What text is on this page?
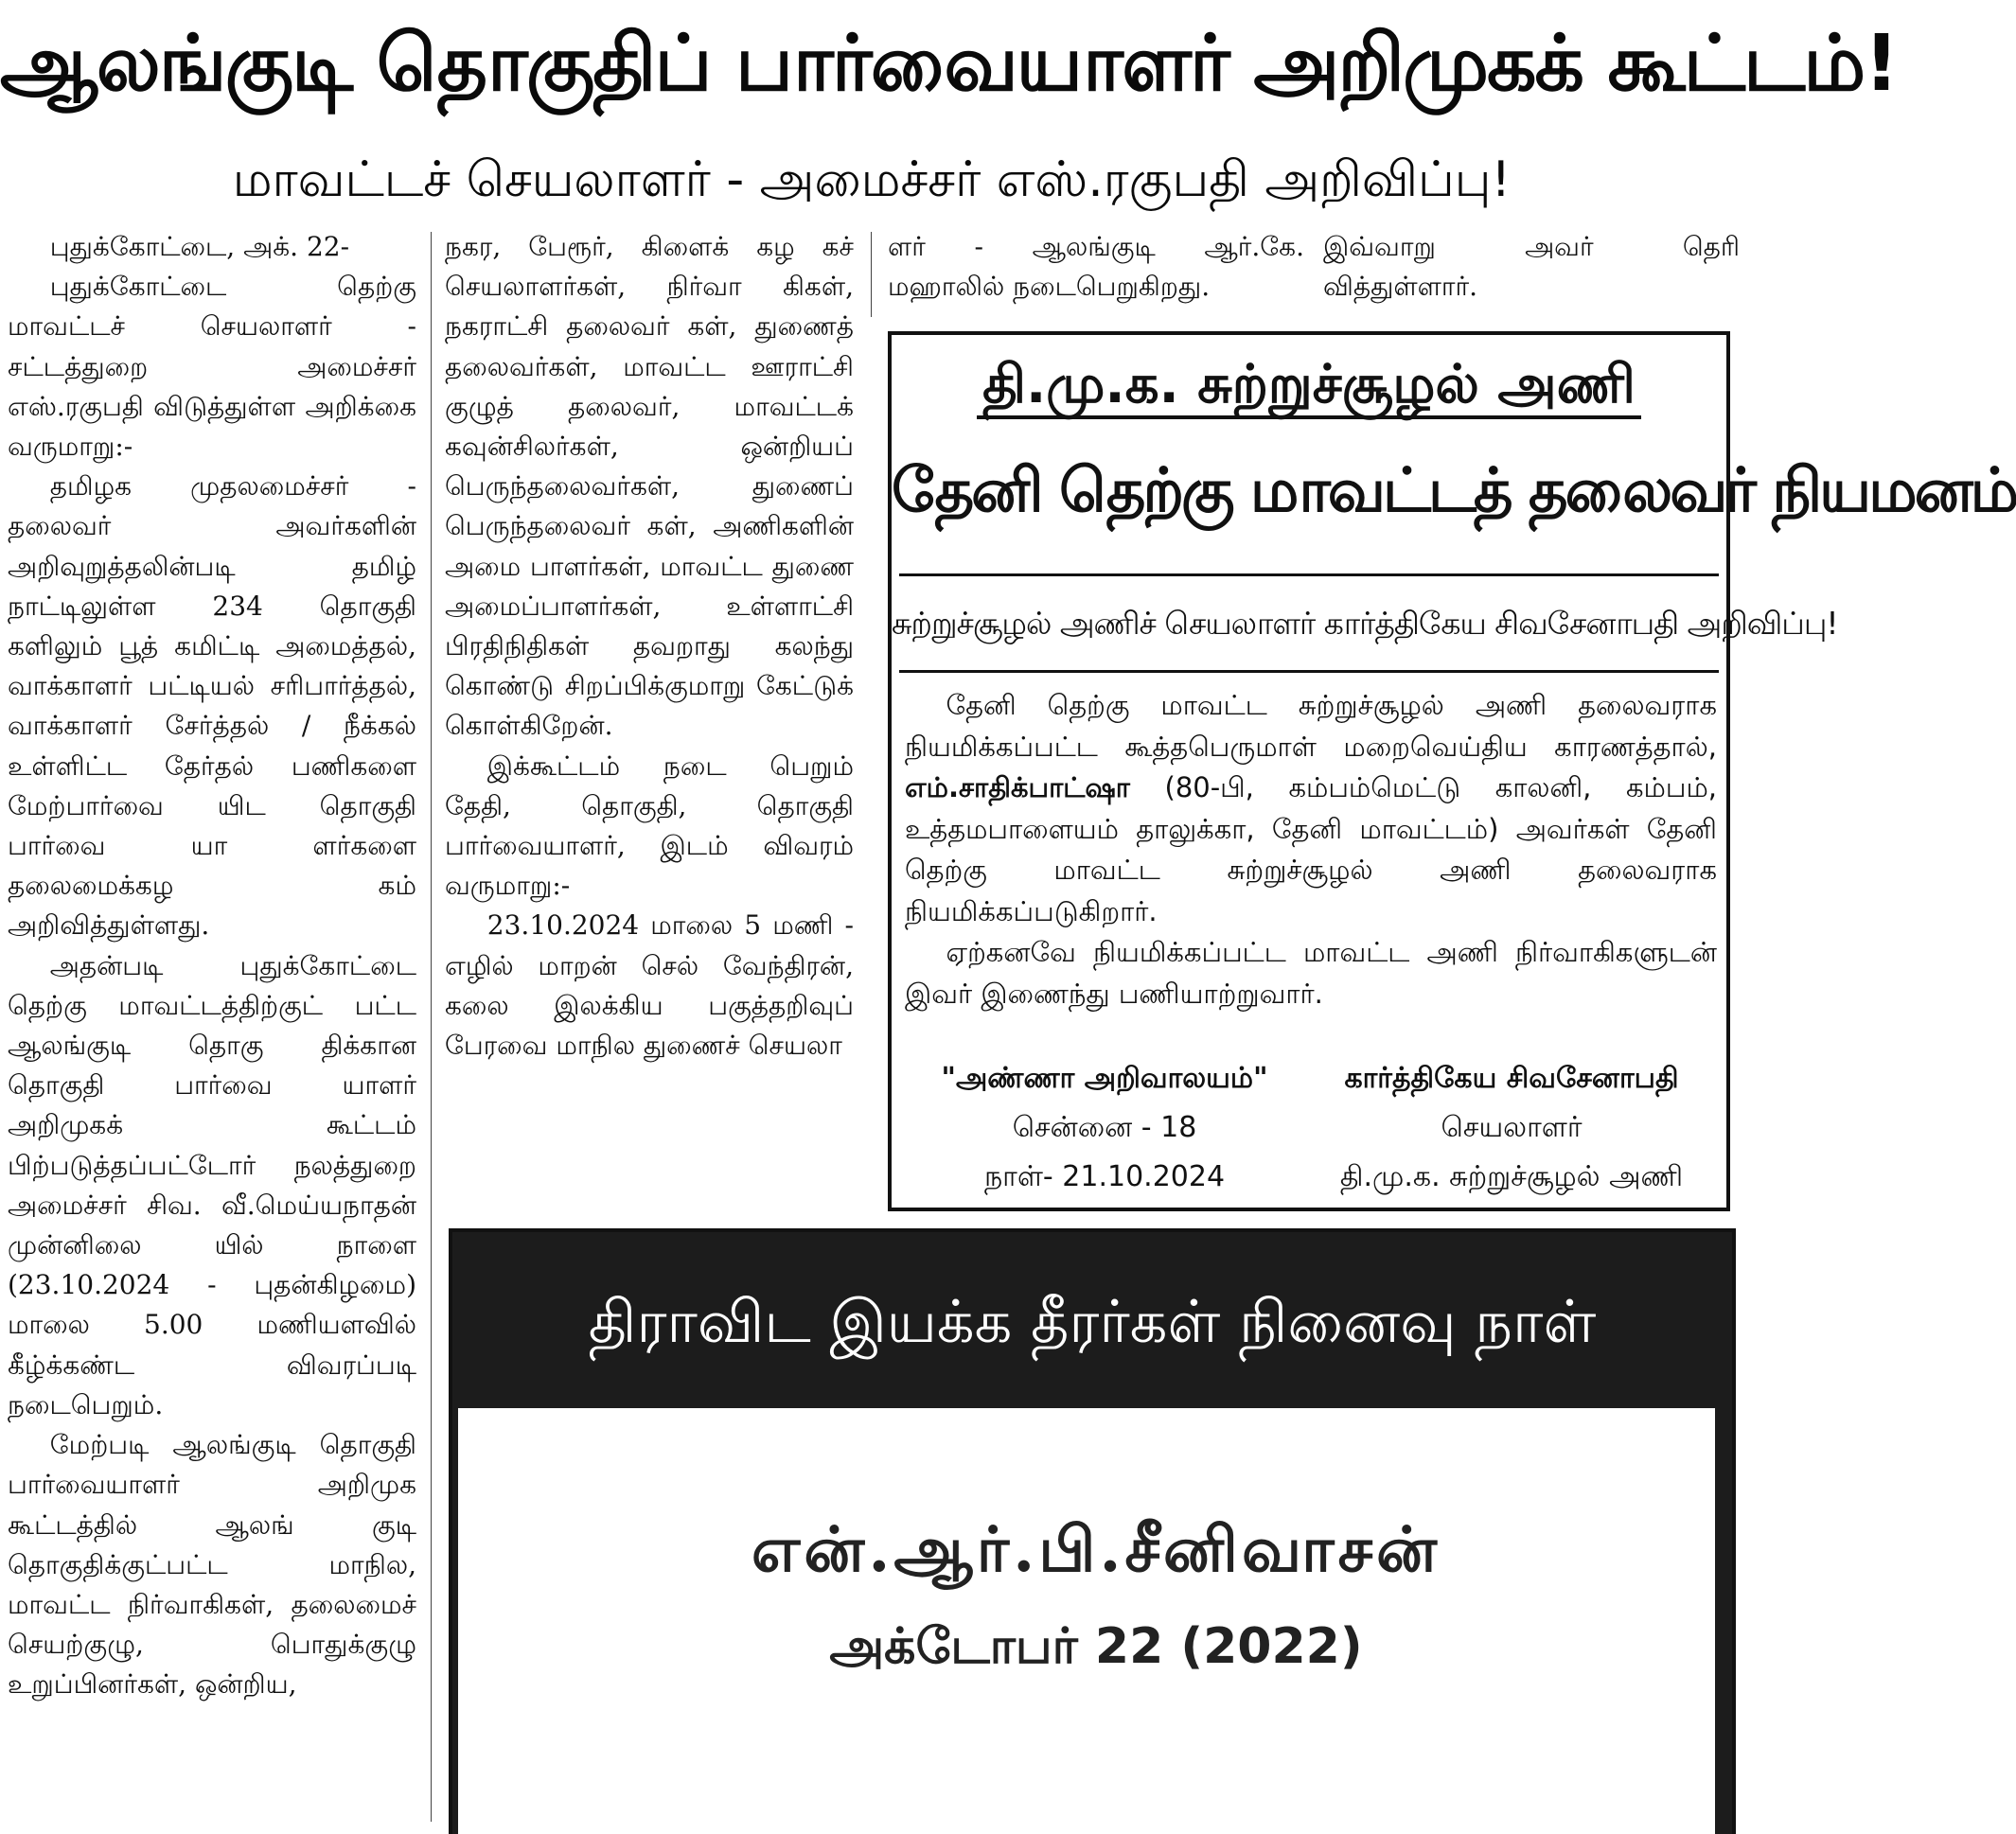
ஆலங்குடி தொகுதிப் பார்வையாளர் அறிமுகக் கூட்டம்!
மாவட்டச் செயலாளர் - அமைச்சர் எஸ்.ரகுபதி அறிவிப்பு!

புதுக்கோட்டை, அக். 22-

புதுக்கோட்டை தெற்கு மாவட்டச் செயலாளர் - சட்டத்துறை அமைச்சர் எஸ்.ரகுபதி விடுத்துள்ள அறிக்கை வருமாறு:-

தமிழக முதலமைச்சர் - தலைவர் அவர்களின் அறிவுறுத்தலின்படி தமிழ் நாட்டிலுள்ள 234 தொகுதி களிலும் பூத் கமிட்டி அமைத்தல், வாக்காளர் பட்டியல் சரிபார்த்தல், வாக்காளர் சேர்த்தல் / நீக்கல் உள்ளிட்ட தேர்தல் பணிகளை மேற்பார்வை யிட தொகுதி பார்வை யா ளர்களை தலைமைக்கழ கம் அறிவித்துள்ளது.

அதன்படி புதுக்கோட்டை தெற்கு மாவட்டத்திற்குட் பட்ட ஆலங்குடி தொகு திக்கான தொகுதி பார்வை யாளர் அறிமுகக் கூட்டம் பிற்படுத்தப்பட்டோர் நலத்துறை அமைச்சர் சிவ. வீ.மெய்யநாதன் முன்னிலை யில் நாளை (23.10.2024 - புதன்கிழமை) மாலை 5.00 மணியளவில் கீழ்க்கண்ட விவரப்படி நடைபெறும்.

மேற்படி ஆலங்குடி தொகுதி பார்வையாளர் அறிமுக கூட்டத்தில் ஆலங் குடி தொகுதிக்குட்பட்ட மாநில, மாவட்ட நிர்வாகிகள், தலைமைச் செயற்குழு, பொதுக்குழு உறுப்பினர்கள், ஒன்றிய,

நகர, பேரூர், கிளைக் கழ கச் செயலாளர்கள், நிர்வா கிகள், நகராட்சி தலைவர் கள், துணைத் தலைவர்கள், மாவட்ட ஊராட்சி குழுத் தலைவர், மாவட்டக் கவுன்சிலர்கள், ஒன்றியப் பெருந்தலைவர்கள், துணைப் பெருந்தலைவர் கள், அணிகளின் அமை பாளர்கள், மாவட்ட துணை அமைப்பாளர்கள், உள்ளாட்சி பிரதிநிதிகள் தவறாது கலந்து கொண்டு சிறப்பிக்குமாறு கேட்டுக் கொள்கிறேன்.

இக்கூட்டம் நடை பெறும் தேதி, தொகுதி, தொகுதி பார்வையாளர், இடம் விவரம் வருமாறு:-

23.10.2024 மாலை 5 மணி - எழில் மாறன் செல் வேந்திரன், கலை இலக்கிய பகுத்தறிவுப் பேரவை மாநில துணைச் செயலா

ளர் - ஆலங்குடி ஆர்.கே. மஹாலில் நடைபெறுகிறது.
இவ்வாறு அவர் தெரி வித்துள்ளார்.
தி.மு.க. சுற்றுச்சூழல் அணி
தேனி தெற்கு மாவட்டத் தலைவர் நியமனம்
சுற்றுச்சூழல் அணிச் செயலாளர் கார்த்திகேய சிவசேனாபதி அறிவிப்பு!

தேனி தெற்கு மாவட்ட சுற்றுச்சூழல் அணி தலைவராக நியமிக்கப்பட்ட கூத்தபெருமாள் மறைவெய்திய காரணத்தால், எம்.சாதிக்பாட்ஷா (80-பி, கம்பம்மெட்டு காலனி, கம்பம், உத்தமபாளையம் தாலுக்கா, தேனி மாவட்டம்) அவர்கள் தேனி தெற்கு மாவட்ட சுற்றுச்சூழல் அணி தலைவராக நியமிக்கப்படுகிறார்.

ஏற்கனவே நியமிக்கப்பட்ட மாவட்ட அணி நிர்வாகிகளுடன் இவர் இணைந்து பணியாற்றுவார்.

"அண்ணா அறிவாலயம்"
சென்னை - 18
நாள்- 21.10.2024
கார்த்திகேய சிவசேனாபதி
செயலாளர்
தி.மு.க. சுற்றுச்சூழல் அணி
திராவிட இயக்க தீரர்கள் நினைவு நாள்
என்.ஆர்.பி.சீனிவாசன்
அக்டோபர் 22 (2022)
